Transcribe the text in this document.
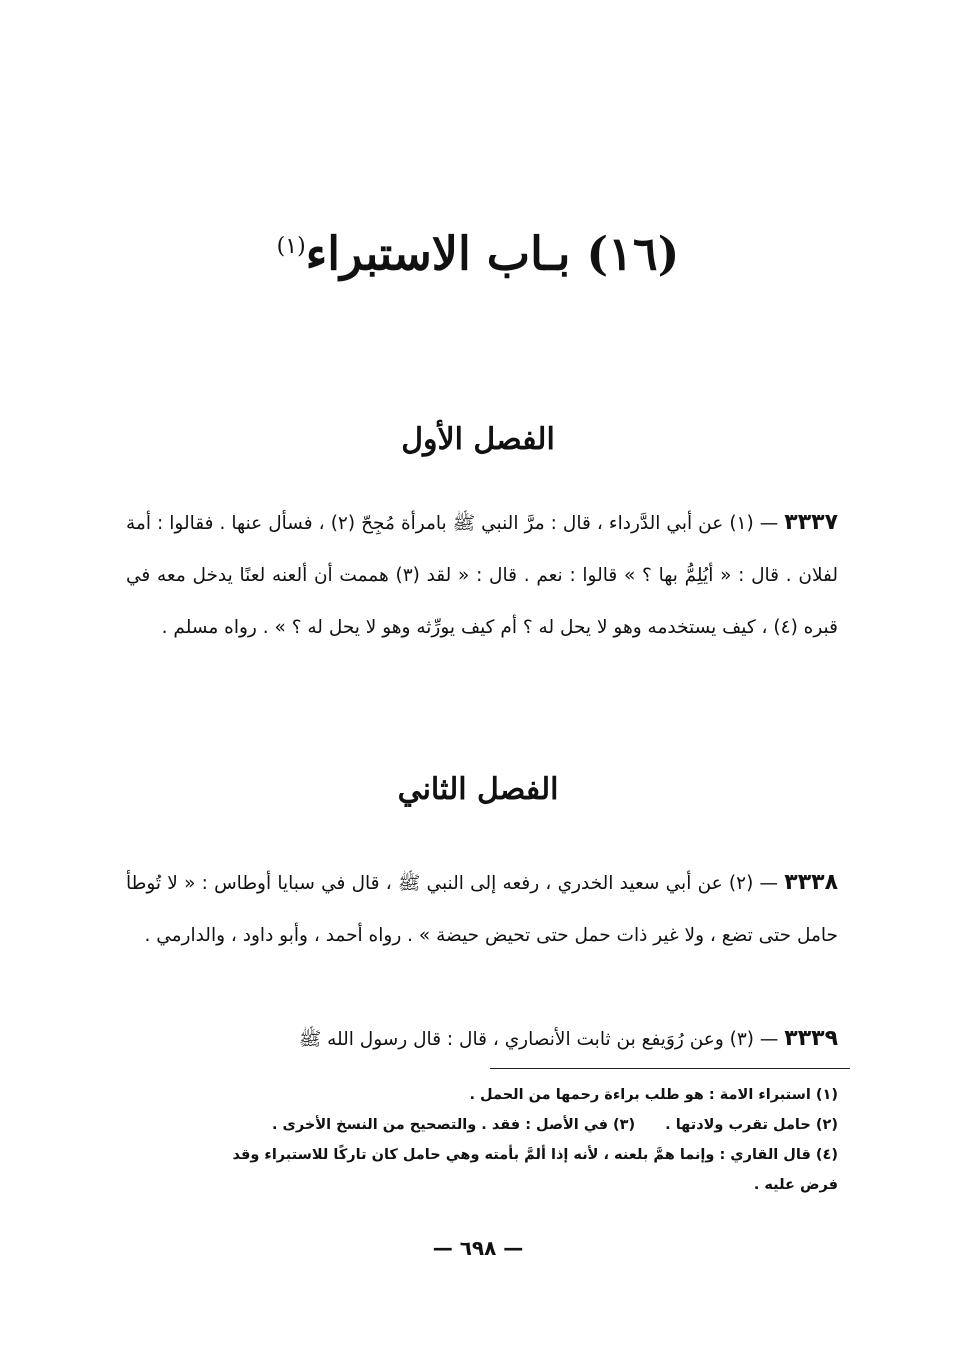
(١٦) بـاب الاستبراء$^{(١)}$
الفصل الأول
٣٣٣٧ — (١) عن أبي الدَّرداء ، قال : مرَّ النبي ﷺ بامرأة مُجِحّ (٢) ، فسأل عنها . فقالوا : أمة لفلان . قال : « أيُلِمُّ بها ؟ » قالوا : نعم . قال : « لقد (٣) هممت أن ألعنه لعنًا يدخل معه في قبره (٤) ، كيف يستخدمه وهو لا يحل له ؟ أم كيف يورِّثه وهو لا يحل له ؟ » . رواه مسلم .
الفصل الثاني
٣٣٣٨ — (٢) عن أبي سعيد الخدري ، رفعه إلى النبي ﷺ ، قال في سبايا أوطاس : « لا تُوطأ حامل حتى تضع ، ولا غير ذات حمل حتى تحيض حيضة » . رواه أحمد ، وأبو داود ، والدارمي .
٣٣٣٩ — (٣) وعن رُوَيفع بن ثابت الأنصاري ، قال : قال رسول الله ﷺ
(١) استبراء الامة : هو طلب براءة رحمها من الحمل .
(٢) حامل تقرب ولادتها .(٣) في الأصل : فقد . والتصحيح من النسخ الأخرى .
(٤) قال القاري : وإنما همَّ بلعنه ، لأنه إذا ألمَّ بأمته وهي حامل كان تاركًا للاستبراء وقد
فرض عليه .
— ٦٩٨ —
